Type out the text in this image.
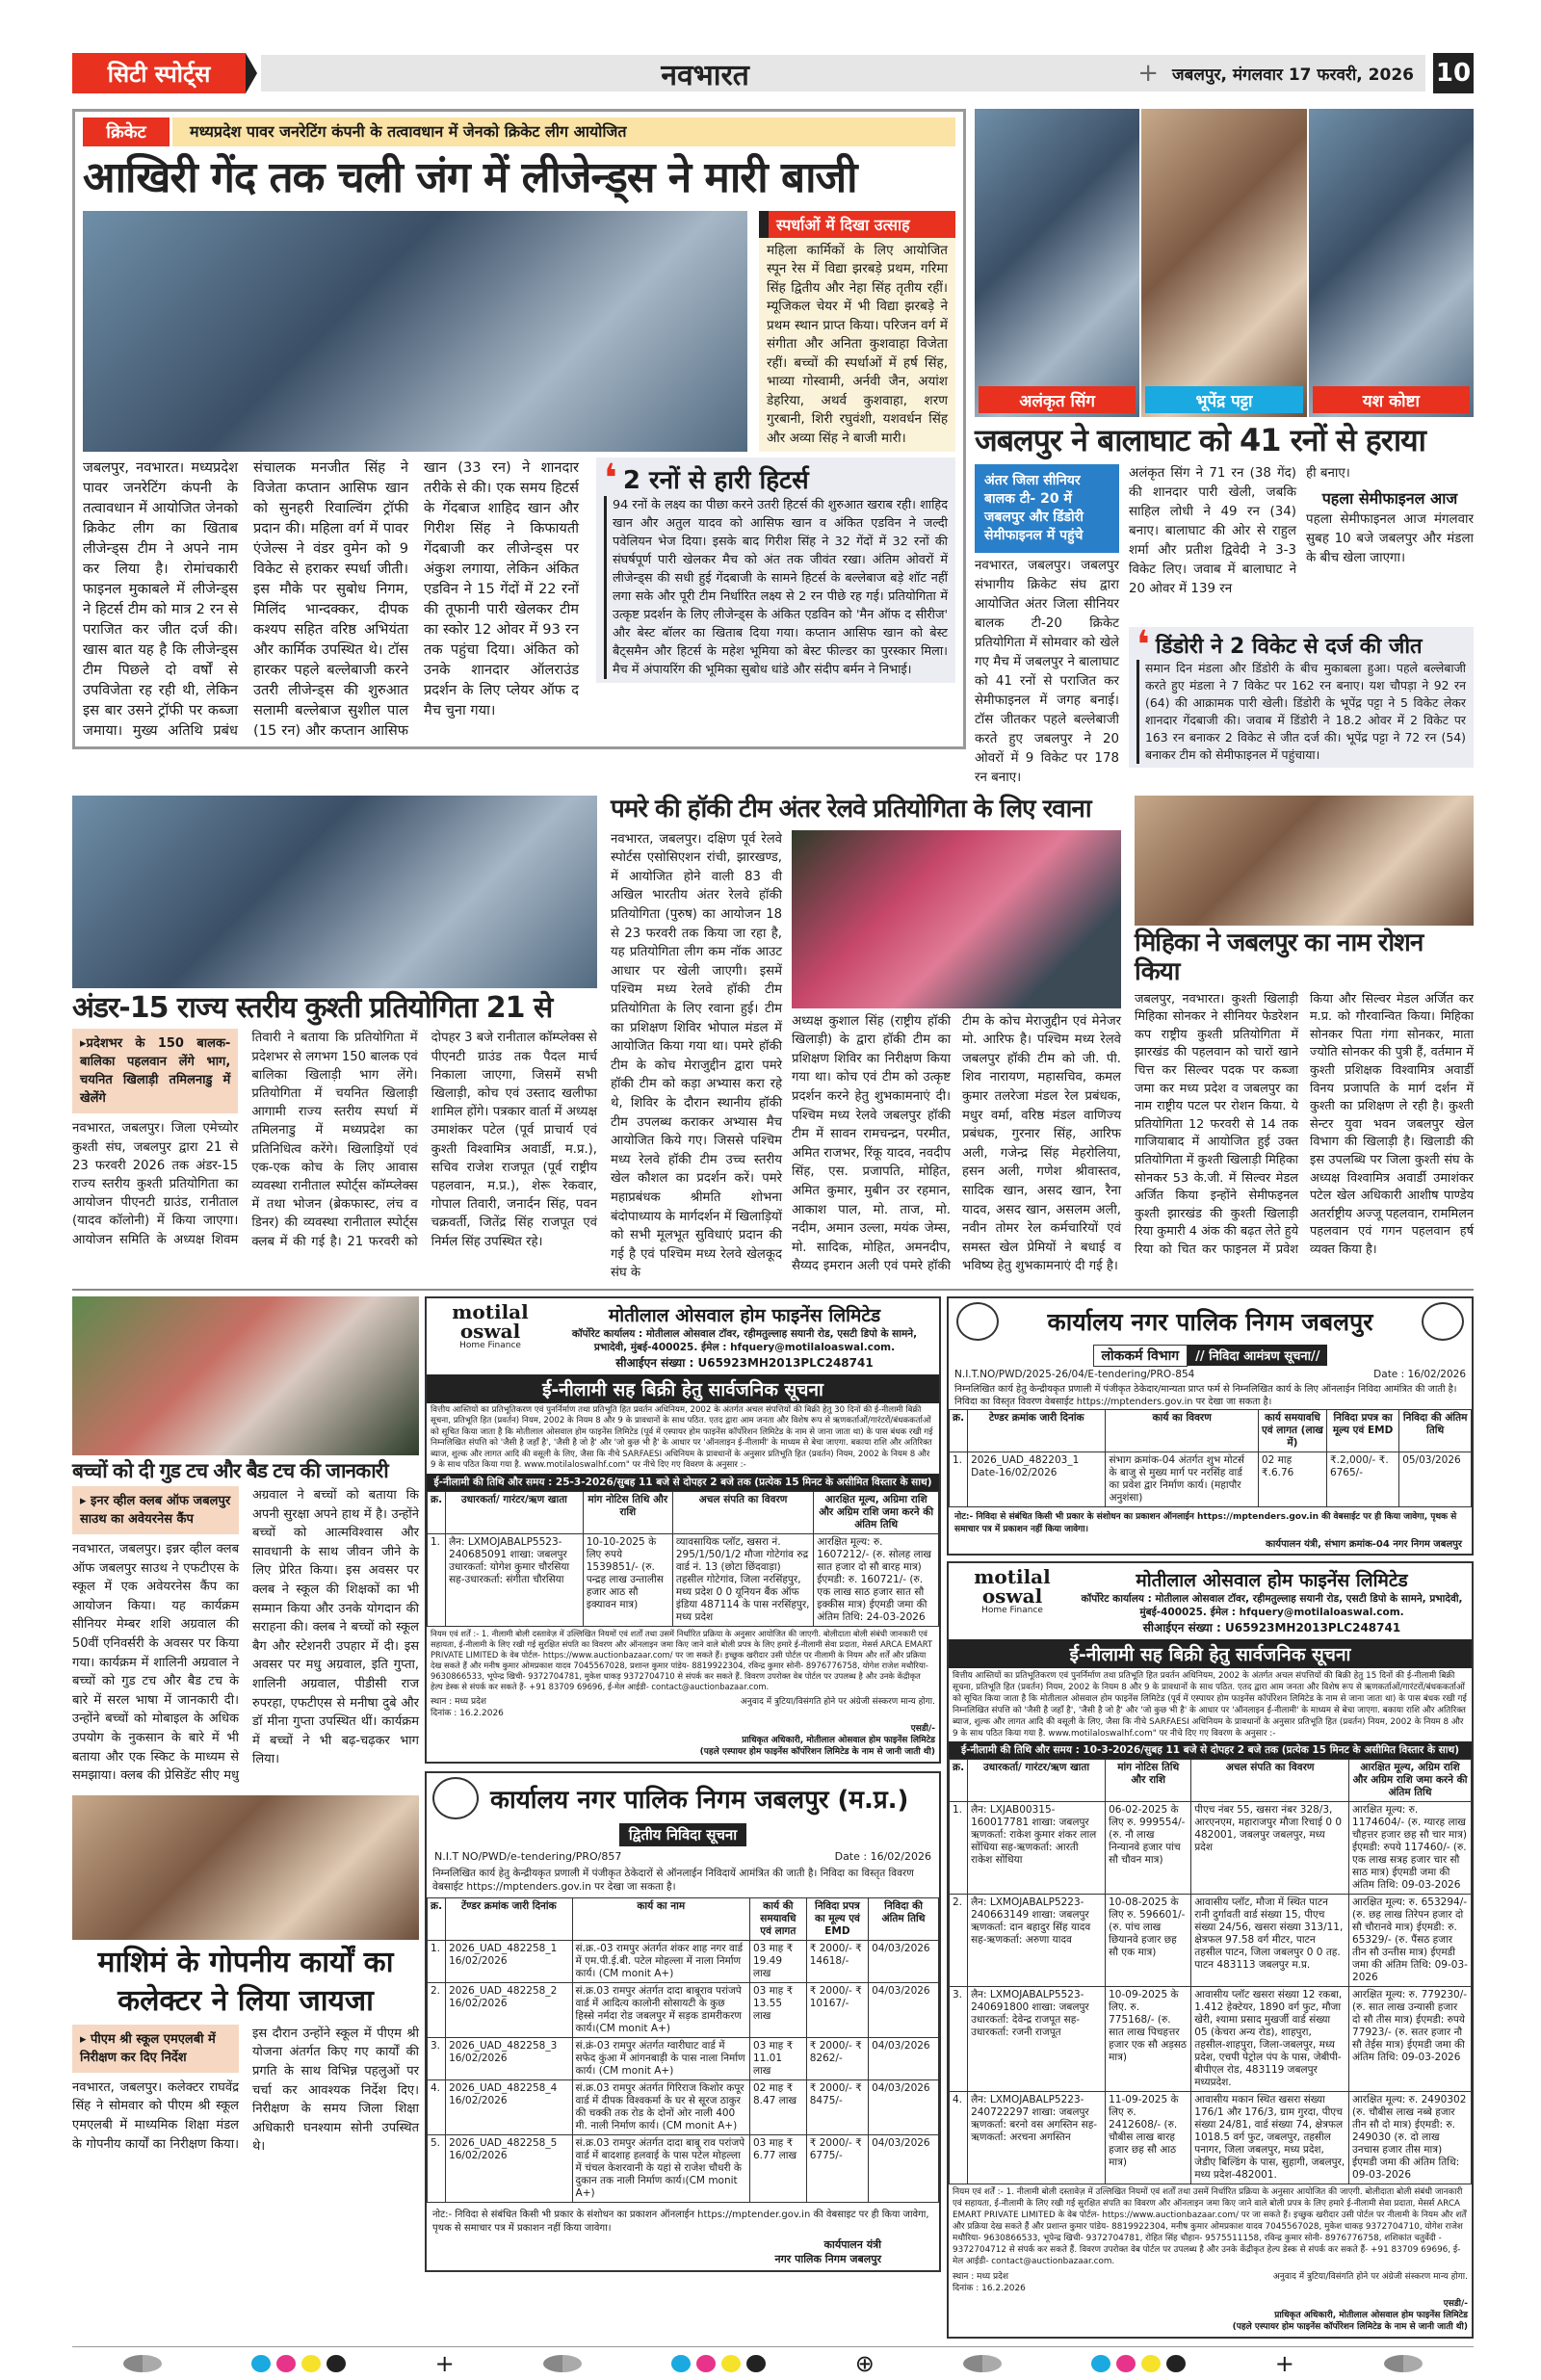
सिटी स्पोर्ट्स	नवभारत	+ जबलपुर, मंगलवार 17 फरवरी, 2026 10
क्रिकेट	मध्यप्रदेश पावर जनरेटिंग कंपनी के तत्वावधान में जेनको क्रिकेट लीग आयोजित
आखिरी गेंद तक चली जंग में लीजेन्ड्स ने मारी बाजी
स्पर्धाओं में दिखा उत्साह
महिला कार्मिकों के लिए आयोजित स्पून रेस में विद्या झरबड़े प्रथम, गरिमा सिंह द्वितीय और नेहा सिंह तृतीय रहीं। म्यूजिकल चेयर में भी विद्या झरबड़े ने प्रथम स्थान प्राप्त किया। परिजन वर्ग में संगीता और अनिता कुशवाहा विजेता रहीं। बच्चों की स्पर्धाओं में हर्ष सिंह, भाव्या गोस्वामी, अर्नवी जैन, अयांश डेहरिया, अथर्व कुशवाहा, शरण गुरबानी, शिरी रघुवंशी, यशवर्धन सिंह और अव्या सिंह ने बाजी मारी।
जबलपुर, नवभारत। मध्यप्रदेश पावर जनरेटिंग कंपनी के तत्वावधान में आयोजित जेनको क्रिकेट लीग का खिताब लीजेन्ड्स टीम ने अपने नाम कर लिया है। रोमांचकारी फाइनल मुकाबले में लीजेन्ड्स ने हिटर्स टीम को मात्र 2 रन से पराजित कर जीत दर्ज की। खास बात यह है कि लीजेन्ड्स टीम पिछले दो वर्षों से उपविजेता रह रही थी, लेकिन इस बार उसने ट्रॉफी पर कब्जा जमाया। मुख्य अतिथि प्रबंध संचालक मनजीत सिंह ने विजेता कप्तान आसिफ खान को सुनहरी रिवाल्विंग ट्रॉफी प्रदान की। महिला वर्ग में पावर एंजेल्स ने वंडर वुमेन को 9 विकेट से हराकर स्पर्धा जीती। इस मौके पर सुबोध निगम, मिलिंद भान्दक्कर, दीपक कश्यप सहित वरिष्ठ अभियंता और कार्मिक उपस्थित थे। टॉस हारकर पहले बल्लेबाजी करने उतरी लीजेन्ड्स की शुरुआत सलामी बल्लेबाज सुशील पाल (15 रन) और कप्तान आसिफ खान (33 रन) ने शानदार तरीके से की। एक समय हिटर्स के गेंदबाज शाहिद खान और गिरीश सिंह ने किफायती गेंदबाजी कर लीजेन्ड्स पर अंकुश लगाया, लेकिन अंकित एडविन ने 15 गेंदों में 22 रनों की तूफानी पारी खेलकर टीम का स्कोर 12 ओवर में 93 रन तक पहुंचा दिया। अंकित को उनके शानदार ऑलराउंड प्रदर्शन के लिए प्लेयर ऑफ द मैच चुना गया।
❛ 2 रनों से हारी हिटर्स
94 रनों के लक्ष्य का पीछा करने उतरी हिटर्स की शुरुआत खराब रही। शाहिद खान और अतुल यादव को आसिफ खान व अंकित एडविन ने जल्दी पवेलियन भेज दिया। इसके बाद गिरीश सिंह ने 32 गेंदों में 32 रनों की संघर्षपूर्ण पारी खेलकर मैच को अंत तक जीवंत रखा। अंतिम ओवरों में लीजेन्ड्स की सधी हुई गेंदबाजी के सामने हिटर्स के बल्लेबाज बड़े शॉट नहीं लगा सके और पूरी टीम निर्धारित लक्ष्य से 2 रन पीछे रह गई। प्रतियोगिता में उत्कृष्ट प्रदर्शन के लिए लीजेन्ड्स के अंकित एडविन को 'मैन ऑफ द सीरीज' और बेस्ट बॉलर का खिताब दिया गया। कप्तान आसिफ खान को बेस्ट बैट्समैन और हिटर्स के महेश भूमिया को बेस्ट फील्डर का पुरस्कार मिला। मैच में अंपायरिंग की भूमिका सुबोध धांडे और संदीप बर्मन ने निभाई।
अलंकृत सिंग	भूपेंद्र पट्टा	यश कोष्टा
जबलपुर ने बालाघाट को 41 रनों से हराया
अंतर जिला सीनियर बालक टी- 20 में जबलपुर और डिंडोरी सेमीफाइनल में पहुंचे
नवभारत, जबलपुर। जबलपुर संभागीय क्रिकेट संघ द्वारा आयोजित अंतर जिला सीनियर बालक टी-20 क्रिकेट प्रतियोगिता में सोमवार को खेले गए मैच में जबलपुर ने बालाघाट को 41 रनों से पराजित कर सेमीफाइनल में जगह बनाई। टॉस जीतकर पहले बल्लेबाजी करते हुए जबलपुर ने 20 ओवरों में 9 विकेट पर 178 रन बनाए।
अलंकृत सिंग ने 71 रन (38 गेंद) की शानदार पारी खेली, जबकि साहिल लोधी ने 49 रन (34) बनाए। बालाघाट की ओर से राहुल शर्मा और प्रतीश द्विवेदी ने 3-3 विकेट लिए। जवाब में बालाघाट ने 20 ओवर में 139 रन
ही बनाए।
पहला सेमीफाइनल आज
पहला सेमीफाइनल आज मंगलवार सुबह 10 बजे जबलपुर और मंडला के बीच खेला जाएगा।
❛ डिंडोरी ने 2 विकेट से दर्ज की जीत
समान दिन मंडला और डिंडोरी के बीच मुकाबला हुआ। पहले बल्लेबाजी करते हुए मंडला ने 7 विकेट पर 162 रन बनाए। यश चौपड़ा ने 92 रन (64) की आक्रामक पारी खेली। डिंडोरी के भूपेंद्र पट्टा ने 5 विकेट लेकर शानदार गेंदबाजी की। जवाब में डिंडोरी ने 18.2 ओवर में 2 विकेट पर 163 रन बनाकर 2 विकेट से जीत दर्ज की। भूपेंद्र पट्टा ने 72 रन (54) बनाकर टीम को सेमीफाइनल में पहुंचाया।
अंडर-15 राज्य स्तरीय कुश्ती प्रतियोगिता 21 से
▸प्रदेशभर के 150 बालक-बालिका पहलवान लेंगे भाग, चयनित खिलाड़ी तमिलनाडु में खेलेंगे
नवभारत, जबलपुर। जिला एमेच्योर कुश्ती संघ, जबलपुर द्वारा 21 से 23 फरवरी 2026 तक अंडर-15 राज्य स्तरीय कुश्ती प्रतियोगिता का आयोजन पीएनटी ग्राउंड, रानीताल (यादव कॉलोनी) में किया जाएगा। आयोजन समिति के अध्यक्ष शिवम तिवारी ने बताया कि प्रतियोगिता में प्रदेशभर से लगभग 150 बालक एवं बालिका खिलाड़ी भाग लेंगे। प्रतियोगिता में चयनित खिलाड़ी आगामी राज्य स्तरीय स्पर्धा में तमिलनाडु में मध्यप्रदेश का प्रतिनिधित्व करेंगे। खिलाड़ियों एवं एक-एक कोच के लिए आवास व्यवस्था रानीताल स्पोर्ट्स कॉम्प्लेक्स में तथा भोजन (ब्रेकफास्ट, लंच व डिनर) की व्यवस्था रानीताल स्पोर्ट्स क्लब में की गई है। 21 फरवरी को दोपहर 3 बजे रानीताल कॉम्प्लेक्स से पीएनटी ग्राउंड तक पैदल मार्च निकाला जाएगा, जिसमें सभी खिलाड़ी, कोच एवं उस्ताद खलीफा शामिल होंगे। पत्रकार वार्ता में अध्यक्ष उमाशंकर पटेल (पूर्व प्राचार्य एवं कुश्ती विश्वामित्र अवार्डी, म.प्र.), सचिव राजेश राजपूत (पूर्व राष्ट्रीय पहलवान, म.प्र.), शेरू रेकवार, गोपाल तिवारी, जनार्दन सिंह, पवन चक्रवर्ती, जितेंद्र सिंह राजपूत एवं निर्मल सिंह उपस्थित रहे।
पमरे की हॉकी टीम अंतर रेलवे प्रतियोगिता के लिए रवाना
नवभारत, जबलपुर। दक्षिण पूर्व रेलवे स्पोर्टस एसोसिएशन रांची, झारखण्ड, में आयोजित होने वाली 83 वी अखिल भारतीय अंतर रेलवे हॉकी प्रतियोगिता (पुरुष) का आयोजन 18 से 23 फरवरी तक किया जा रहा है, यह प्रतियोगिता लीग कम नॉक आउट आधार पर खेली जाएगी। इसमें पश्चिम मध्य रेलवे हॉकी टीम प्रतियोगिता के लिए रवाना हुई। टीम का प्रशिक्षण शिविर भोपाल मंडल में आयोजित किया गया था। पमरे हॉकी टीम के कोच मेराजुद्दीन द्वारा पमरे हॉकी टीम को कड़ा अभ्यास करा रहे थे, शिविर के दौरान स्थानीय हॉकी टीम उपलब्ध कराकर अभ्यास मैच आयोजित किये गए। जिससे पश्चिम मध्य रेलवे हॉकी टीम उच्च स्तरीय खेल कौशल का प्रदर्शन करें। पमरे महाप्रबंधक श्रीमति शोभना बंदोपाध्याय के मार्गदर्शन में खिलाड़ियों को सभी मूलभूत सुविधाएं प्रदान की गई है एवं पश्चिम मध्य रेलवे खेलकूद संघ के
अध्यक्ष कुशाल सिंह (राष्ट्रीय हॉकी खिलाड़ी) के द्वारा हॉकी टीम का प्रशिक्षण शिविर का निरीक्षण किया गया था। कोच एवं टीम को उत्कृष्ट प्रदर्शन करने हेतु शुभकामनाएं दी। पश्चिम मध्य रेलवे जबलपुर हॉकी टीम में सावन रामचन्द्रन, परमीत, अमित राजभर, रिंकू यादव, नवदीप सिंह, एस. प्रजापति, मोहित, अमित कुमार, मुबीन उर रहमान, आकाश पाल, मो. ताज, मो. नदीम, अमान उल्ला, मयंक जेम्स, मो. सादिक, मोहित, अमनदीप, सैय्यद इमरान अली एवं पमरे हॉकी टीम के कोच मेराजुद्दीन एवं मेनेजर मो. आरिफ है। पश्चिम मध्य रेलवे जबलपुर हॉकी टीम को जी. पी. शिव नारायण, महासचिव, कमल कुमार तलरेजा मंडल रेल प्रबंधक, मधुर वर्मा, वरिष्ठ मंडल वाणिज्य प्रबंधक, गुरनार सिंह, आरिफ अली, गजेन्द्र सिंह मेहरोलिया, हसन अली, गणेश श्रीवास्तव, सादिक खान, असद खान, रैना यादव, असद खान, असलम अली, नवीन तोमर रेल कर्मचारियों एवं समस्त खेल प्रेमियों ने बधाई व भविष्य हेतु शुभकामनाएं दी गई है।
मिहिका ने जबलपुर का नाम रोशन किया
जबलपुर, नवभारत। कुश्ती खिलाड़ी मिहिका सोनकर ने सीनियर फेडरेशन कप राष्ट्रीय कुश्ती प्रतियोगिता में झारखंड की पहलवान को चारों खाने चित्त कर सिल्वर पदक पर कब्जा जमा कर मध्य प्रदेश व जबलपुर का नाम राष्ट्रीय पटल पर रोशन किया. ये प्रतियोगिता 12 फरवरी से 14 तक गाजियाबाद में आयोजित हुई उक्त प्रतियोगिता में कुश्ती खिलाड़ी मिहिका सोनकर 53 के.जी. में सिल्वर मेडल अर्जित किया इन्होंने सेमीफइनल कुश्ती झारखंड की कुश्ती खिलाड़ी रिया कुमारी 4 अंक की बढ़त लेते हुये रिया को चित कर फाइनल में प्रवेश किया और सिल्वर मेडल अर्जित कर म.प्र. को गौरवान्वित किया। मिहिका सोनकर पिता गंगा सोनकर, माता ज्योति सोनकर की पुत्री हैं, वर्तमान में कुश्ती प्रशिक्षक विश्वामित्र अवार्डी विनय प्रजापति के मार्ग दर्शन में कुश्ती का प्रशिक्षण ले रही है। कुश्ती सेन्टर युवा भवन जबलपुर खेल विभाग की खिलाड़ी है। खिलाडी की इस उपलब्धि पर जिला कुश्ती संघ के अध्यक्ष विश्वामित्र अवार्डी उमाशंकर पटेल खेल अधिकारी आशीष पाण्डेय अतर्राष्ट्रीय अज्जू पहलवान, राममिलन पहलवान एवं गगन पहलवान हर्ष व्यक्त किया है।
बच्चों को दी गुड टच और बैड टच की जानकारी
▸ इनर व्हील क्लब ऑफ जबलपुर साउथ का अवेयरनेस कैंप
नवभारत, जबलपुर। इन्नर व्हील क्लब ऑफ जबलपुर साउथ ने एफटीएस के स्कूल में एक अवेयरनेस कैंप का आयोजन किया। यह कार्यक्रम सीनियर मेम्बर शशि अग्रवाल की 50वीं एनिवर्सरी के अवसर पर किया गया। कार्यक्रम में शालिनी अग्रवाल ने बच्चों को गुड टच और बैड टच के बारे में सरल भाषा में जानकारी दी। उन्होंने बच्चों को मोबाइल के अधिक उपयोग के नुकसान के बारे में भी बताया और एक स्किट के माध्यम से समझाया। क्लब की प्रेसिडेंट सीए मधु अग्रवाल ने बच्चों को बताया कि अपनी सुरक्षा अपने हाथ में है। उन्होंने बच्चों को आत्मविश्वास और सावधानी के साथ जीवन जीने के लिए प्रेरित किया। इस अवसर पर क्लब ने स्कूल की शिक्षकों का भी सम्मान किया और उनके योगदान की सराहना की। क्लब ने बच्चों को स्कूल बैग और स्टेशनरी उपहार में दी। इस अवसर पर मधु अग्रवाल, इति गुप्ता, शालिनी अग्रवाल, पीडीसी राज रुपरहा, एफटीएस से मनीषा दुबे और डॉ मीना गुप्ता उपस्थित थीं। कार्यक्रम में बच्चों ने भी बढ़-चढ़कर भाग लिया।
माशिमं के गोपनीय कार्यों का कलेक्टर ने लिया जायजा
▸ पीएम श्री स्कूल एमएलबी में निरीक्षण कर दिए निर्देश
नवभारत, जबलपुर। कलेक्टर राघवेंद्र सिंह ने सोमवार को पीएम श्री स्कूल एमएलबी में माध्यमिक शिक्षा मंडल के गोपनीय कार्यों का निरीक्षण किया। इस दौरान उन्होंने स्कूल में पीएम श्री योजना अंतर्गत किए गए कार्यों की प्रगति के साथ विभिन्न पहलुओं पर चर्चा कर आवश्यक निर्देश दिए। निरीक्षण के समय जिला शिक्षा अधिकारी घनश्याम सोनी उपस्थित थे।
motilal oswal
Home Finance
मोतीलाल ओसवाल होम फाइनेंस लिमिटेड
कॉर्पोरेट कार्यालय : मोतीलाल ओसवाल टॉवर, रहीमतुल्लाह सयानी रोड, एसटी डिपो के सामने, प्रभादेवी, मुंबई-400025. ईमेल : hfquery@motilaloaswal.com.
सीआईएन संख्या : U65923MH2013PLC248741
ई-नीलामी सह बिक्री हेतु सार्वजनिक सूचना
वित्तीय आस्तियों का प्रतिभूतिकरण एवं पुनर्निर्माण तथा प्रतिभूति हित प्रवर्तन अधिनियम, 2002 के अंतर्गत अचल संपत्तियों की बिक्री हेतु 30 दिनों की ई-नीलामी बिक्री सूचना, प्रतिभूति हित (प्रवर्तन) नियम, 2002 के नियम 8 और 9 के प्रावधानों के साथ पठित. एतद द्वारा आम जनता और विशेष रूप से ऋणकर्ताओं/गारंटरों/बंधककर्ताओं को सूचित किया जाता है कि मोतीलाल ओसवाल होम फाइनेंस लिमिटेड (पूर्व में एस्पायर होम फाइनेंस कॉर्पोरेशन लिमिटेड के नाम से जाना जाता था) के पास बंधक रखी गई निम्नलिखित संपत्ति को 'जैसी है जहाँ है', 'जैसी है जो है' और 'जो कुछ भी है' के आधार पर 'ऑनलाइन ई-नीलामी' के माध्यम से बेचा जाएगा. बकाया राशि और अतिरिक्त ब्याज, शुल्क और लागत आदि की वसूली के लिए, जैसा कि नीचे SARFAESI अधिनियम के प्रावधानों के अनुसार प्रतिभूति हित (प्रवर्तन) नियम, 2002 के नियम 8 और 9 के साथ पठित किया गया है. www.motilaloswalhf.com" पर नीचे दिए गए विवरण के अनुसार :-
ई-नीलामी की तिथि और समय : 25-3-2026/सुबह 11 बजे से दोपहर 2 बजे तक (प्रत्येक 15 मिनट के असीमित विस्तार के साथ)
क्र.	उधारकर्ता/ गारंटर/ऋण खाता	मांग नोटिस तिथि और राशि	अचल संपति का विवरण	आरक्षित मूल्य, अग्रिमा राशि और अग्रिम राशि जमा करने की अंतिम तिथि
1.	लैन: LXMOJABALP5523-240685091 शाखा: जबलपुर उधारकर्ता: योगेश कुमार चौरसिया सह-उधारकर्ता: संगीता चौरसिया	10-10-2025 के लिए रुपये 1539851/- (रु. पन्द्रह लाख उन्तालीस हजार आठ सौ इक्यावन मात्र)	व्यावसायिक प्लॉट, खसरा नं. 295/1/50/1/2 मौजा गोटेगांव रुद्र वार्ड नं. 13 (छोटा छिंदवाड़ा) तहसील गोटेगांव, जिला नरसिंहपुर, मध्य प्रदेश 0 0 यूनियन बैंक ऑफ इंडिया 487114 के पास नरसिंहपुर, मध्य प्रदेश	आरक्षित मूल्य: रु. 1607212/- (रु. सोलह लाख सात हजार दो सौ बारह मात्र) ईएमडी: रु. 160721/- (रु. एक लाख साठ हजार सात सौ इक्कीस मात्र) ईएमडी जमा की अंतिम तिथि: 24-03-2026
नियम एवं शर्तें :- 1. नीलामी बोली दस्तावेज़ में उल्लिखित नियमों एवं शर्तों तथा उसमें निर्धारित प्रक्रिया के अनुसार आयोजित की जाएगी. बोलीदाता बोली संबंधी जानकारी एवं सहायता, ई-नीलामी के लिए रखी गई सुरक्षित संपति का विवरण और ऑनलाइन जमा किए जाने वाले बोली प्रपत्र के लिए हमारे ई-नीलामी सेवा प्रदाता, मेसर्स ARCA EMART PRIVATE LIMITED के वेब पोर्टल- https://www.auctionbazaar.com/ पर जा सकते हैं। इच्छुक खरीदार उसी पोर्टल पर नीलामी के नियम और शर्तें और प्रक्रिया देख सकते हैं और मनीष कुमार ओमप्रकाश यादव 7045567028, प्रशान्त कुमार पांडेय- 8819922304, रविन्द्र कुमार सोनी- 8976776758, योगेश राजेश मथौरिया- 9630866533, भूपेन्द्र खिची- 9372704781, मुकेश धाकड़ 9372704710 से संपर्क कर सकते हैं. विवरण उपरोक्त वेब पोर्टल पर उपलब्ध है और उनके केंद्रीकृत हेल्प डेस्क से संपर्क कर सकते हैं- +91 83709 69696, ई-मेल आईडी- contact@auctionbazaar.com.
स्थान : मध्य प्रदेश
दिनांक : 16.2.2026
अनुवाद में त्रुटिया/विसंगति होने पर अंग्रेजी संस्करण मान्य होगा.
एसडी/-
प्राधिकृत अधिकारी, मोतीलाल ओसवाल होम फाइनेंस लिमिटेड
(पहले एस्पायर होम फाइनेंस कॉर्पोरेशन लिमिटेड के नाम से जानी जाती थी)
कार्यालय नगर पालिक निगम जबलपुर (म.प्र.)
द्वितीय निविदा सूचना
N.I.T NO/PWD/e-tendering/PRO/857	Date : 16/02/2026
निम्नलिखित कार्य हेतु केन्द्रीयकृत प्रणाली में पंजीकृत ठेकेदारों से ऑनलाईन निविदायें आमंत्रित की जाती है। निविदा का विस्तृत विवरण वेबसाईट https://mptenders.gov.in पर देखा जा सकता है।
क्र.	टेंण्डर क्रमांक जारी दिनांक	कार्य का नाम	कार्य की समयावधि एवं लागत	निविदा प्रपत्र का मूल्य एवं EMD	निविदा की अंतिम तिथि
1.	2026_UAD_482258_1 16/02/2026	सं.क्र.-03 रामपुर अंतर्गत शंकर शाह नगर वार्ड में एम.पी.ई.बी. पटेल मोहल्ला में नाला निर्माण कार्य। (CM monit A+)	03 माह ₹ 19.49 लाख	₹ 2000/- ₹ 14618/-	04/03/2026
2.	2026_UAD_482258_2 16/02/2026	सं.क्र.03 रामपुर अंतर्गत दादा बाबूराव परांजपे वार्ड में आदित्य कालोनी सोसायटी के कुछ हिस्से नर्मदा रोड जबलपुर में सड़क डामरीकरण कार्य।(CM monit A+)	03 माह ₹ 13.55 लाख	₹ 2000/- ₹ 10167/-	04/03/2026
3.	2026_UAD_482258_3 16/02/2026	सं.क्रं-03 रामपुर अंतर्गत ग्वारीघाट वार्ड में सफेद कुंआ में आंगनबाड़ी के पास नाला निर्माण कार्य। (CM monit A+)	03 माह ₹ 11.01 लाख	₹ 2000/- ₹ 8262/-	04/03/2026
4.	2026_UAD_482258_4 16/02/2026	सं.क्र.03 रामपुर अंतर्गत गिरिराज किशोर कपूर वार्ड में दीपक विश्वकर्मा के घर से सूरज ठाकुर की चक्की तक रोड के दोनों ओर नाली 400 मी. नाली निर्माण कार्य। (CM monit A+)	02 माह ₹ 8.47 लाख	₹ 2000/- ₹ 8475/-	04/03/2026
5.	2026_UAD_482258_5 16/02/2026	सं.क्र.03 रामपुर अंतर्गत दादा बाबू राव परांजपे वार्ड में बादशाह हलवाई के पास पटेल मोहल्ला में चंचल केशरवानी के यहां से राजेश चौधरी के दुकान तक नाली निर्माण कार्य।(CM monit A+)	03 माह ₹ 6.77 लाख	₹ 2000/- ₹ 6775/-	04/03/2026
नोट:- निविदा से संबंधित किसी भी प्रकार के संशोधन का प्रकाशन ऑनलाईन https://mptender.gov.in की वेबसाइट पर ही किया जावेगा, पृथक से समाचार पत्र में प्रकाशन नहीं किया जावेगा।
कार्यपालन यंत्री
नगर पालिक निगम जबलपुर
कार्यालय नगर पालिक निगम जबलपुर
लोककर्म विभाग // निविदा आमंत्रण सूचना//
N.I.T.NO/PWD/2025-26/04/E-tendering/PRO-854	Date : 16/02/2026
निम्नलिखित कार्य हेतु केन्द्रीयकृत प्रणाली में पंजीकृत ठेकेदार/मान्यता प्राप्त फर्म से निम्नलिखित कार्य के लिए ऑनलाईन निविदा आमंत्रित की जाती है। निविदा का विस्तृत विवरण वेबसाईट https://mptenders.gov.in पर देखा जा सकता है।
क्र.	टेण्डर क्रमांक जारी दिनांक	कार्य का विवरण	कार्य समयावधि एवं लागत (लाख में)	निविदा प्रपत्र का मूल्य एवं EMD	निविदा की अंतिम तिथि
1.	2026_UAD_482203_1 Date-16/02/2026	संभाग क्रमांक-04 अंतर्गत शुभ मोटर्स के बाजु से मुख्य मार्ग पर नरसिंह वार्ड का प्रवेश द्वार निर्माण कार्य। (महापौर अनुशंसा)	02 माह ₹.6.76	₹.2,000/- ₹. 6765/-	05/03/2026
नोट:- निविदा से संबंधित किसी भी प्रकार के संशोधन का प्रकाशन ऑनलाईन https://mptenders.gov.in की वेबसाईट पर ही किया जावेगा, पृथक से समाचार पत्र में प्रकाशन नहीं किया जावेगा।
कार्यपालन यंत्री, संभाग क्रमांक-04 नगर निगम जबलपुर
motilal oswal
Home Finance
मोतीलाल ओसवाल होम फाइनेंस लिमिटेड
कॉर्पोरेट कार्यालय : मोतीलाल ओसवाल टॉवर, रहीमतुल्लाह सयानी रोड, एसटी डिपो के सामने, प्रभादेवी, मुंबई-400025. ईमेल : hfquery@motilaloaswal.com.
सीआईएन संख्या : U65923MH2013PLC248741
ई-नीलामी सह बिक्री हेतु सार्वजनिक सूचना
वित्तीय आस्तियों का प्रतिभूतिकरण एवं पुनर्निर्माण तथा प्रतिभूति हित प्रवर्तन अधिनियम, 2002 के अंतर्गत अचल संपत्तियों की बिक्री हेतु 15 दिनों की ई-नीलामी बिक्री सूचना, प्रतिभूति हित (प्रवर्तन) नियम, 2002 के नियम 8 और 9 के प्रावधानों के साथ पठित. एतद द्वारा आम जनता और विशेष रूप से ऋणकर्ताओं/गारंटरों/बंधककर्ताओं को सूचित किया जाता है कि मोतीलाल ओसवाल होम फाइनेंस लिमिटेड (पूर्व में एस्पायर होम फाइनेंस कॉर्पोरेशन लिमिटेड के नाम से जाना जाता था) के पास बंधक रखी गई निम्नलिखित संपत्ति को 'जैसी है जहाँ है', 'जैसी है जो है' और 'जो कुछ भी है' के आधार पर 'ऑनलाइन ई-नीलामी' के माध्यम से बेचा जाएगा. बकाया राशि और अतिरिक्त ब्याज, शुल्क और लागत आदि की वसूली के लिए, जैसा कि नीचे SARFAESI अधिनियम के प्रावधानों के अनुसार प्रतिभूति हित (प्रवर्तन) नियम, 2002 के नियम 8 और 9 के साथ पठित किया गया है. www.motilaloswalhf.com" पर नीचे दिए गए विवरण के अनुसार :-
ई-नीलामी की तिथि और समय : 10-3-2026/सुबह 11 बजे से दोपहर 2 बजे तक (प्रत्येक 15 मिनट के असीमित विस्तार के साथ)
क्र.	उधारकर्ता/ गारंटर/ऋण खाता	मांग नोटिस तिथि और राशि	अचल संपति का विवरण	आरक्षित मूल्य, अग्रिम राशि और अग्रिम राशि जमा करने की अंतिम तिथि
1.	लैन: LXJAB00315-160017781 शाखा: जबलपुर ऋणकर्ता: राकेश कुमार शंकर लाल सोंधिया सह-ऋणकर्ता: आरती राकेश सोंधिया	06-02-2025 के लिए रु. 999554/- (रु. नौ लाख निन्यानवे हजार पांच सौ चौवन मात्र)	पीएच नंबर 55, खसरा नंबर 328/3, आरएनएम, महाराजपुर मौजा रिचाई 0 0 482001, जबलपुर जबलपुर, मध्य प्रदेश	आरक्षित मूल्य: रु. 1174604/- (रु. ग्यारह लाख चौहत्तर हजार छह सौ चार मात्र) ईएमडी: रुपये 117460/- (रु. एक लाख सत्रह हजार चार सौ साठ मात्र) ईएमडी जमा की अंतिम तिथि: 09-03-2026
2.	लैन: LXMOJABALP5223-240663149 शाखा: जबलपुर ऋणकर्ता: दान बहादुर सिंह यादव सह-ऋणकर्ता: अरुणा यादव	10-08-2025 के लिए रु. 596601/- (रु. पांच लाख छियानवे हजार छह सौ एक मात्र)	आवासीय प्लॉट, मौजा में स्थित पाटन रानी दुर्गावती वार्ड संख्या 15, पीएच संख्या 24/56, खसरा संख्या 313/11, क्षेत्रफल 97.58 वर्ग मीटर, पाटन तहसील पाटन, जिला जबलपुर 0 0 तह. पाटन 483113 जबलपुर म.प्र.	आरक्षित मूल्य: रु. 653294/- (रु. छह लाख तिरेपन हजार दो सौ चौरानवे मात्र) ईएमडी: रु. 65329/- (रु. पैंसठ हजार तीन सौ उन्तीस मात्र) ईएमडी जमा की अंतिम तिथि: 09-03-2026
3.	लैन: LXMOJABALP5523-240691800 शाखा: जबलपुर उधारकर्ता: देवेन्द्र राजपूत सह-उधारकर्ता: रजनी राजपूत	10-09-2025 के लिए. रु. 775168/- (रु. सात लाख पिचहत्तर हजार एक सौ अड़सठ मात्र)	आवासीय प्लॉट खसरा संख्या 12 रकबा, 1.412 हेक्टेयर, 1890 वर्ग फुट, मौजा खेरी, श्यामा प्रसाद मुखर्जी वार्ड संख्या 05 (केचरा अन्य रोड), शाहपुरा, तहसील-शाहपुरा, जिला-जबलपुर, मध्य प्रदेश, एचपी पेट्रोल पंप के पास, जेबीपी-बीपीएल रोड, 483119 जबलपुर मध्यप्रदेश.	आरक्षित मूल्य: रु. 779230/- (रु. सात लाख उन्यासी हजार दो सौ तीस मात्र) ईएमडी: रुपये 77923/- (रु. सतर हजार नौ सौ तेईस मात्र) ईएमडी जमा की अंतिम तिथि: 09-03-2026
4.	लैन: LXMOJABALP5223-240722297 शाखा: जबलपुर ऋणकर्ता: बरनो वस अगस्तिन सह-ऋणकर्ता: अरचना अगस्तिन	11-09-2025 के लिए रु. 2412608/- (रु. चौबीस लाख बारह हजार छह सौ आठ मात्र)	आवासीय मकान स्थित खसरा संख्या 176/1 और 176/3, ग्राम गुरदा, पीएच संख्या 24/81, वार्ड संख्या 74, क्षेत्रफल 1018.5 वर्ग फुट, जबलपुर, तहसील पनागर, जिला जबलपुर, मध्य प्रदेश, जेडीए बिल्डिंग के पास, सुहागी, जबलपुर, मध्य प्रदेश-482001.	आरक्षित मूल्य: रु. 2490302 (रु. चौबीस लाख नब्बे हजार तीन सौ दो मात्र) ईएमडी: रु. 249030 (रु. दो लाख उनचास हजार तीस मात्र) ईएमडी जमा की अंतिम तिथि: 09-03-2026
नियम एवं शर्तें :- 1. नीलामी बोली दस्तावेज़ में उल्लिखित नियमों एवं शर्तों तथा उसमें निर्धारित प्रक्रिया के अनुसार आयोजित की जाएगी. बोलीदाता बोली संबंधी जानकारी एवं सहायता, ई-नीलामी के लिए रखी गई सुरक्षित संपति का विवरण और ऑनलाइन जमा किए जाने वाले बोली प्रपत्र के लिए हमारे ई-नीलामी सेवा प्रदाता, मेसर्स ARCA EMART PRIVATE LIMITED के वेब पोर्टल- https://www.auctionbazaar.com/ पर जा सकते हैं। इच्छुक खरीदार उसी पोर्टल पर नीलामी के नियम और शर्तें और प्रक्रिया देख सकते हैं और प्रशान्त कुमार पांडेय- 8819922304, मनीष कुमार ओमप्रकाश यादव 7045567028, मुकेश धाकड़ 9372704710, योगेश राजेश मथौरिया- 9630866533, भूपेन्द्र खिची- 9372704781, रोहित सिंह चौहान- 9575511158, रविन्द्र कुमार सोनी- 8976776758, शशिकांत चतुर्वेदी - 9372704712 से संपर्क कर सकते हैं. विवरण उपरोक्त वेब पोर्टल पर उपलब्ध है और उनके केंद्रीकृत हेल्प डेस्क से संपर्क कर सकते हैं- +91 83709 69696, ई-मेल आईडी- contact@auctionbazaar.com.
स्थान : मध्य प्रदेश
दिनांक : 16.2.2026
अनुवाद में त्रुटिया/विसंगति होने पर अंग्रेजी संस्करण मान्य होगा.
एसडी/-
प्राधिकृत अधिकारी, मोतीलाल ओसवाल होम फाइनेंस लिमिटेड
(पहले एस्पायर होम फाइनेंस कॉर्पोरेशन लिमिटेड के नाम से जानी जाती थी)
+	⊕	+
